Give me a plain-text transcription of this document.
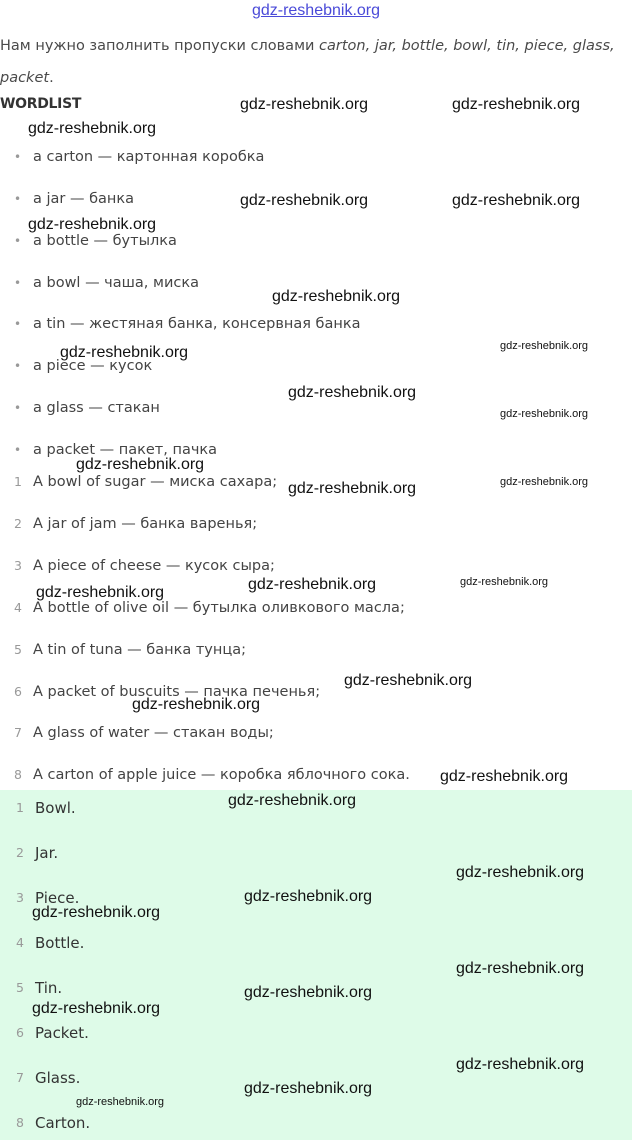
gdz-reshebnik.org
Нам нужно заполнить пропуски словами carton, jar, bottle, bowl, tin, piece, glass, packet.
WORDLIST
• a carton — картонная коробка
• a jar — банка
• a bottle — бутылка
• a bowl — чаша, миска
• a tin — жестяная банка, консервная банка
• a piece — кусок
• a glass — стакан
• a packet — пакет, пачка
1 A bowl of sugar — миска сахара;
2 A jar of jam — банка варенья;
3 A piece of cheese — кусок сыра;
4 A bottle of olive oil — бутылка оливкового масла;
5 A tin of tuna — банка тунца;
6 A packet of buscuits — пачка печенья;
7 A glass of water — стакан воды;
8 A carton of apple juice — коробка яблочного сока.
1 Bowl.
2 Jar.
3 Piece.
4 Bottle.
5 Tin.
6 Packet.
7 Glass.
8 Carton.
gdz-reshebnik.org	gdz-reshebnik.org
gdz-reshebnik.org
gdz-reshebnik.org	gdz-reshebnik.org
gdz-reshebnik.org
gdz-reshebnik.org
gdz-reshebnik.org	gdz-reshebnik.org
gdz-reshebnik.org
gdz-reshebnik.org
gdz-reshebnik.org
gdz-reshebnik.org	gdz-reshebnik.org
gdz-reshebnik.org	gdz-reshebnik.org	gdz-reshebnik.org
gdz-reshebnik.org
gdz-reshebnik.org
gdz-reshebnik.org
gdz-reshebnik.org
gdz-reshebnik.org
gdz-reshebnik.org
gdz-reshebnik.org
gdz-reshebnik.org
gdz-reshebnik.org
gdz-reshebnik.org
gdz-reshebnik.org
gdz-reshebnik.org
gdz-reshebnik.org
